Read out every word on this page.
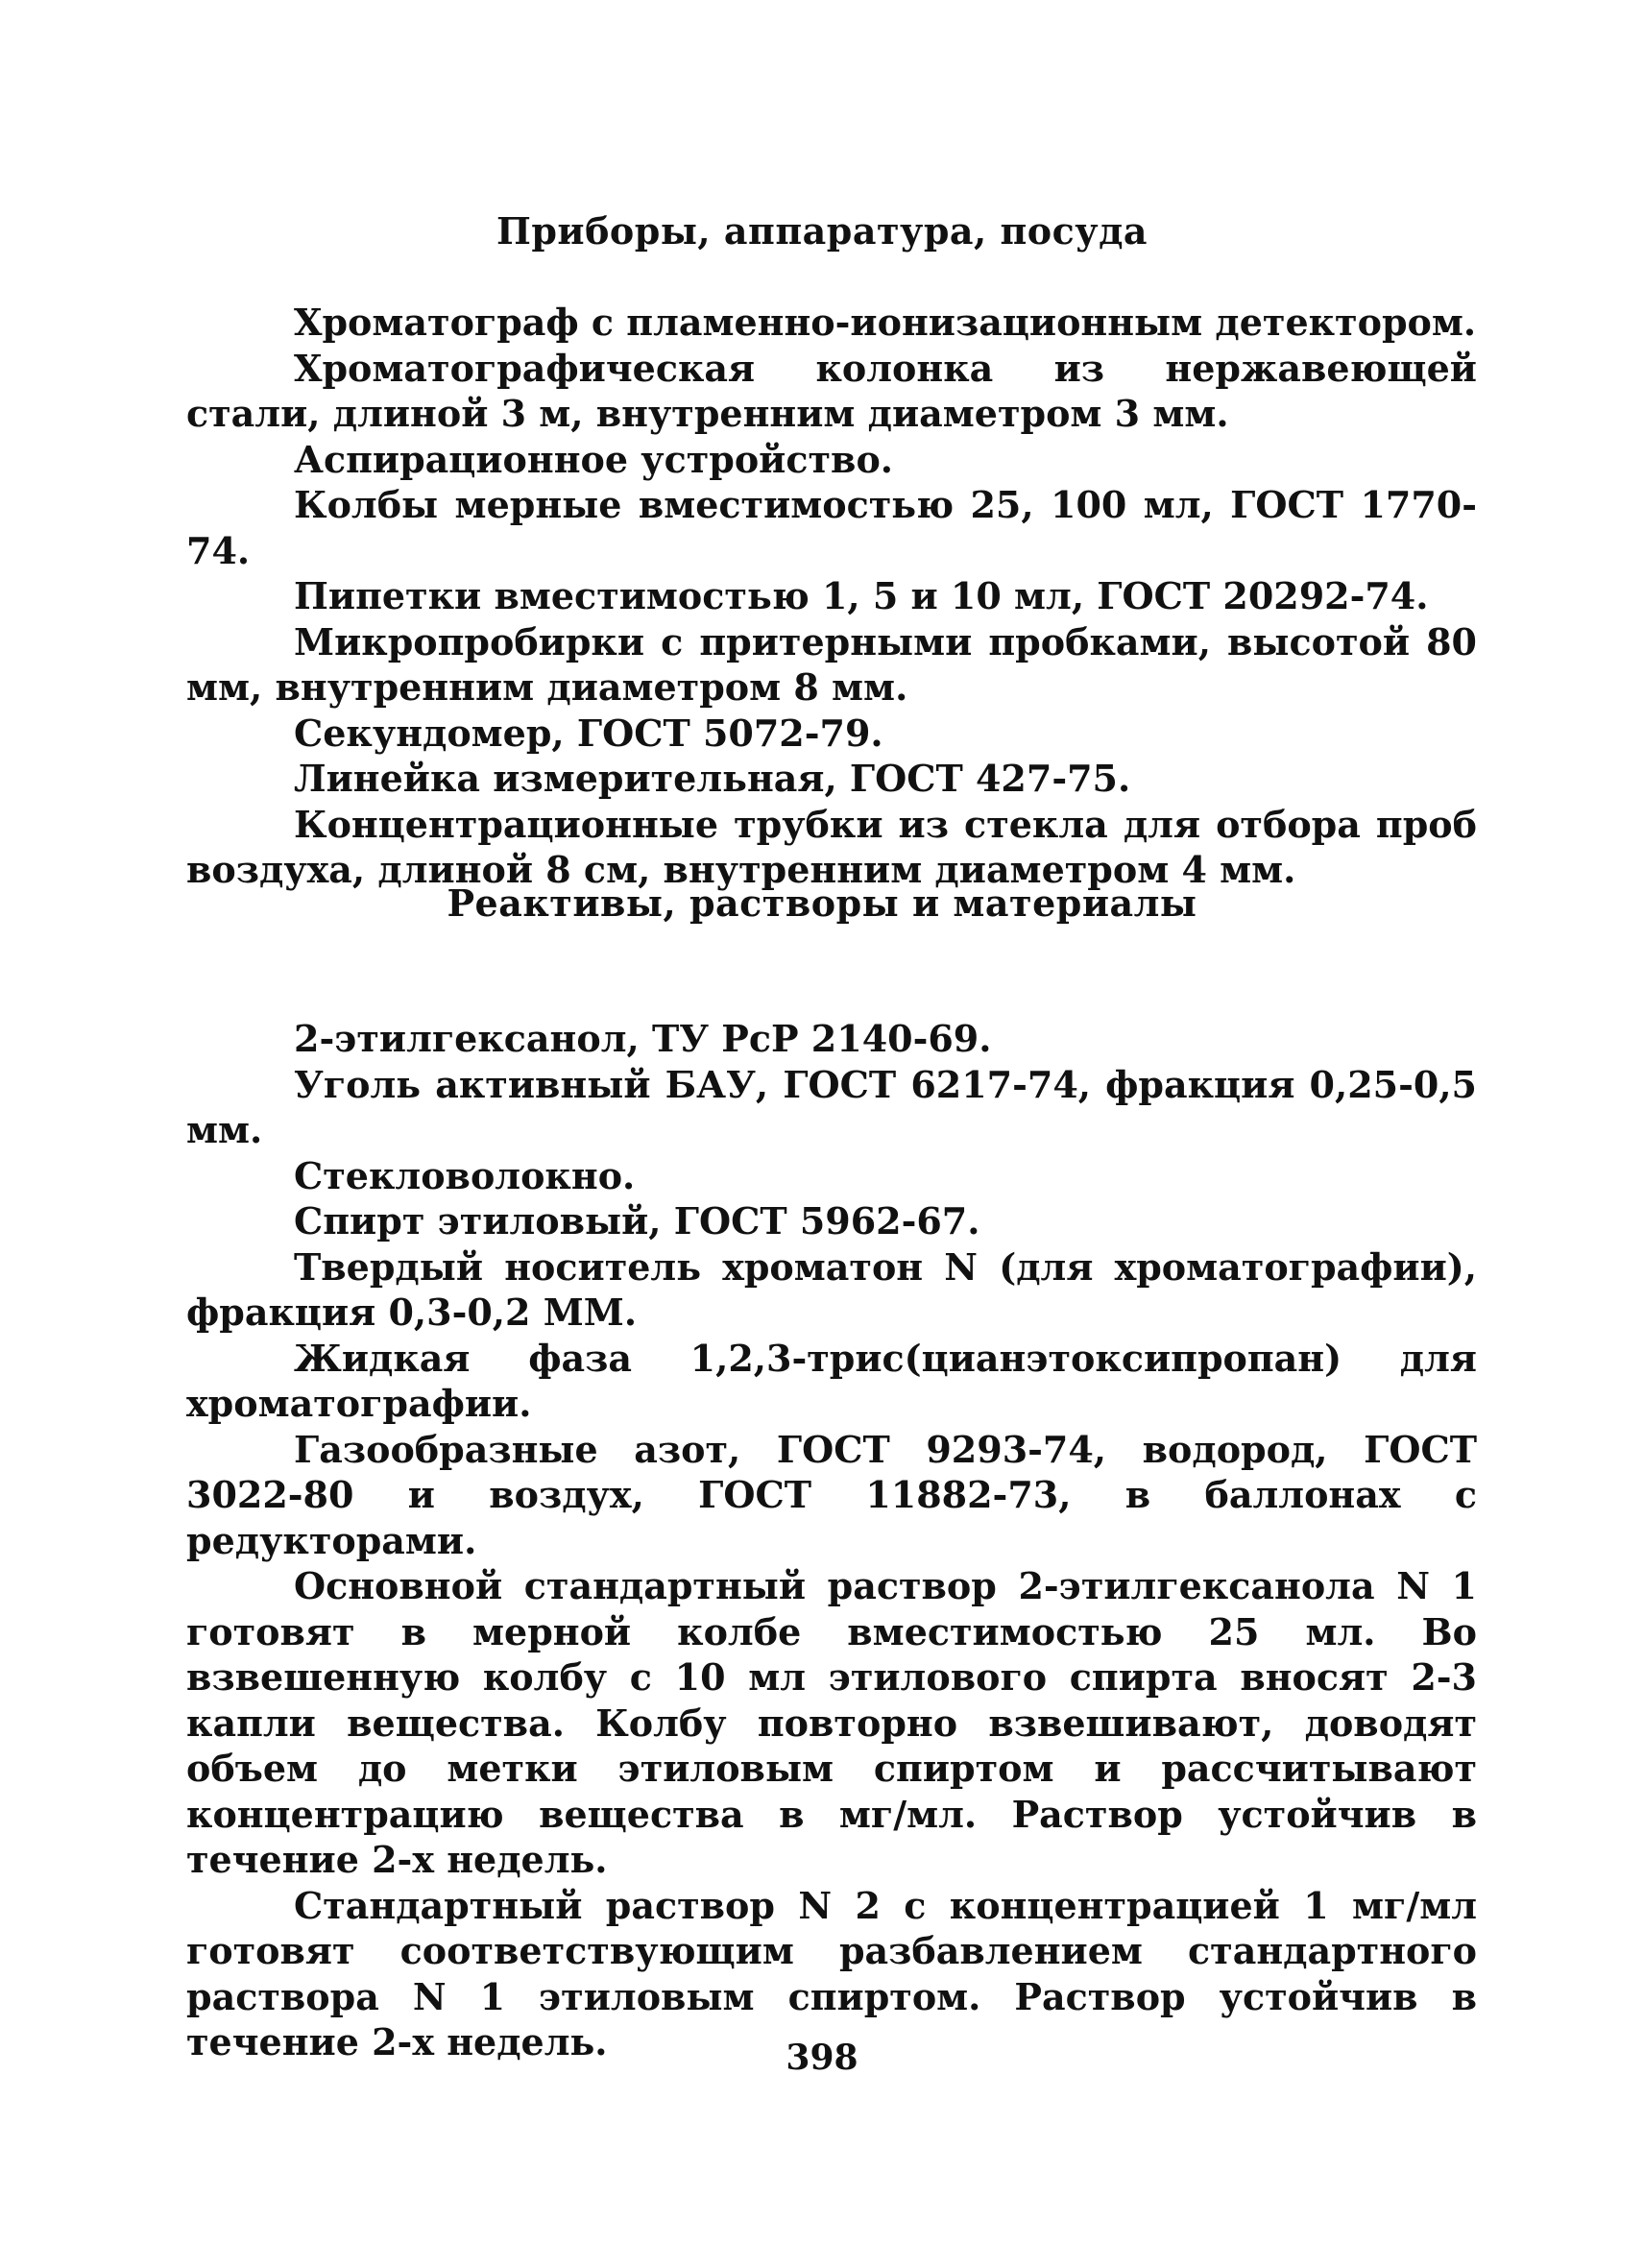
Приборы, аппаратура, посуда

Хроматограф с пламенно-ионизационным детектором.

Хроматографическая колонка из нержавеющей стали, длиной 3 м, внутренним диаметром 3 мм.

Аспирационное устройство.

Колбы мерные вместимостью 25, 100 мл, ГОСТ 1770-74.

Пипетки вместимостью 1, 5 и 10 мл, ГОСТ 20292-74.

Микропробирки с притерными пробками, высотой 80 мм, внутренним диаметром 8 мм.

Секундомер, ГОСТ 5072-79.

Линейка измерительная, ГОСТ 427-75.

Концентрационные трубки из стекла для отбора проб воздуха, длиной 8 см, внутренним диаметром 4 мм.

Реактивы, растворы и материалы

2-этилгексанол, ТУ РсР 2140-69.

Уголь активный БАУ, ГОСТ 6217-74, фракция 0,25-0,5 мм.

Стекловолокно.

Спирт этиловый, ГОСТ 5962-67.

Твердый носитель хроматон N (для хроматографии), фракция 0,3-0,2 ММ.

Жидкая фаза 1,2,3-трис(цианэтоксипропан) для хроматографии.

Газообразные азот, ГОСТ 9293-74, водород, ГОСТ 3022-80 и воздух, ГОСТ 11882-73, в баллонах с редукторами.

Основной стандартный раствор 2-этилгексанола N 1 готовят в мерной колбе вместимостью 25 мл. Во взвешенную колбу с 10 мл этилового спирта вносят 2-3 капли вещества. Колбу повторно взвешивают, доводят объем до метки этиловым спиртом и рассчитывают концентрацию вещества в мг/мл. Раствор устойчив в течение 2-х недель.

Стандартный раствор N 2 с концентрацией 1 мг/мл готовят соответствующим разбавлением стандартного раствора N 1 этиловым спиртом. Раствор устойчив в течение 2-х недель.	398
